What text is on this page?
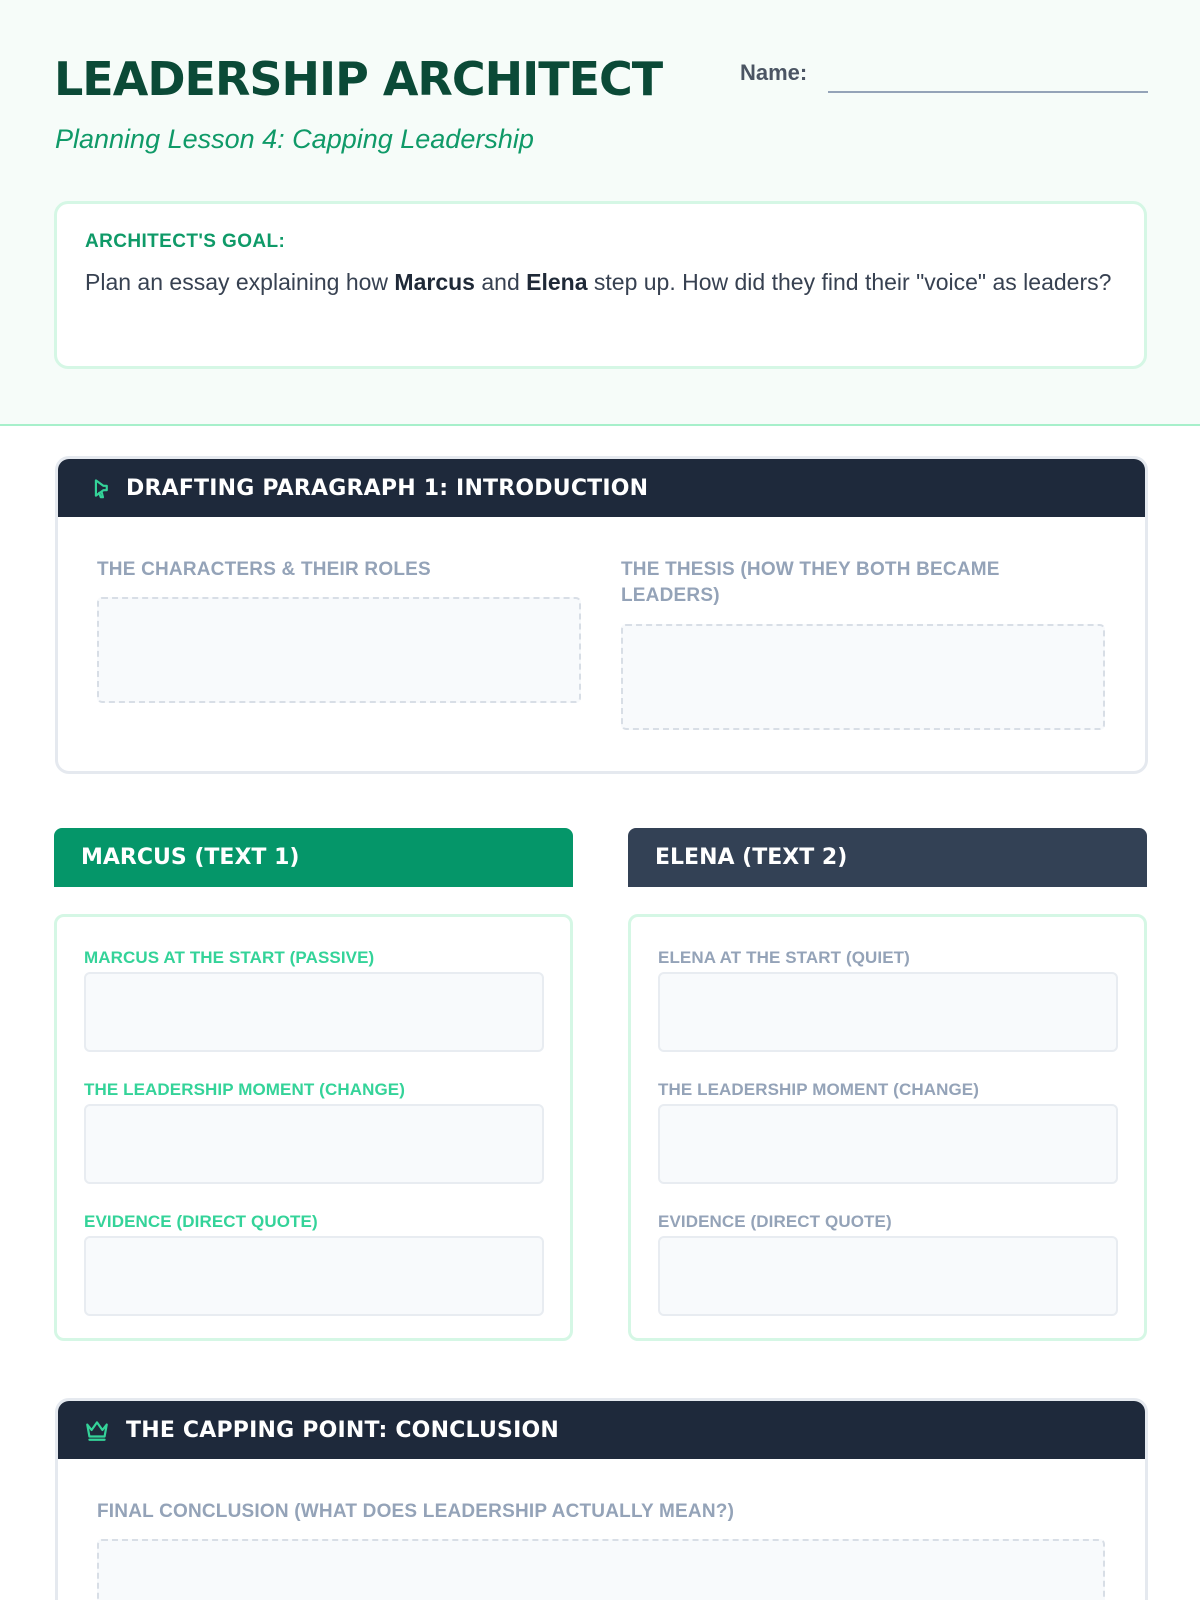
LEADERSHIP ARCHITECT
Planning Lesson 4: Capping Leadership
Name:
ARCHITECT'S GOAL:
Plan an essay explaining how Marcus and Elena step up. How did they find their "voice" as leaders?
DRAFTING PARAGRAPH 1: INTRODUCTION
THE CHARACTERS & THEIR ROLES	THE THESIS (HOW THEY BOTH BECAME LEADERS)
MARCUS (TEXT 1)
MARCUS AT THE START (PASSIVE)
THE LEADERSHIP MOMENT (CHANGE)
EVIDENCE (DIRECT QUOTE)
ELENA (TEXT 2)
ELENA AT THE START (QUIET)
THE LEADERSHIP MOMENT (CHANGE)
EVIDENCE (DIRECT QUOTE)
THE CAPPING POINT: CONCLUSION
FINAL CONCLUSION (WHAT DOES LEADERSHIP ACTUALLY MEAN?)
